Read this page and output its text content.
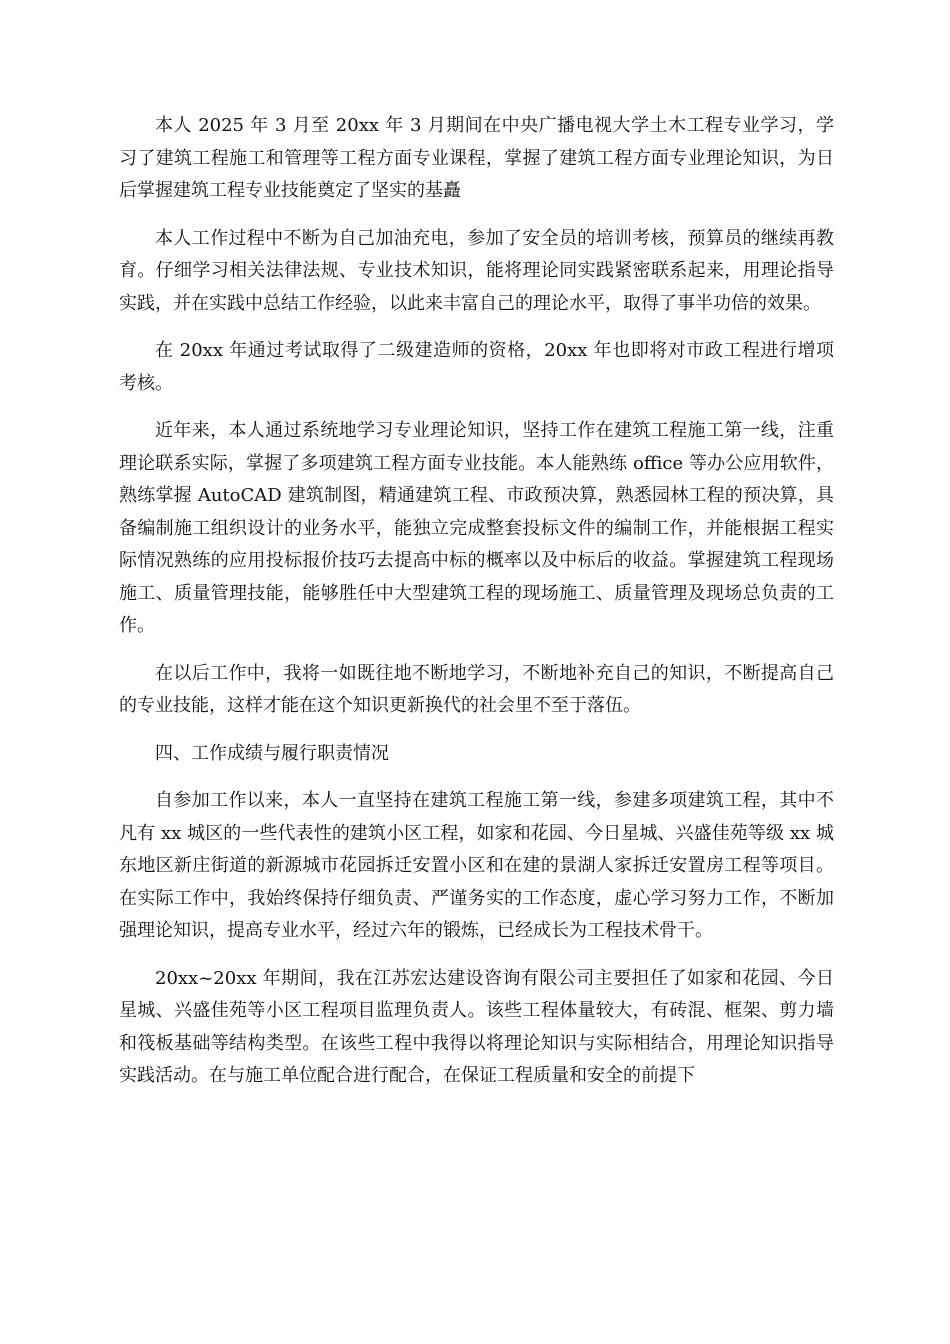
本人 2025 年 3 月至 20xx 年 3 月期间在中央广播电视大学土木工程专业学习，学习了建筑工程施工和管理等工程方面专业课程，掌握了建筑工程方面专业理论知识，为日后掌握建筑工程专业技能奠定了坚实的基矗

本人工作过程中不断为自己加油充电，参加了安全员的培训考核，预算员的继续再教育。仔细学习相关法律法规、专业技术知识，能将理论同实践紧密联系起来，用理论指导实践，并在实践中总结工作经验，以此来丰富自己的理论水平，取得了事半功倍的效果。

在 20xx 年通过考试取得了二级建造师的资格，20xx 年也即将对市政工程进行增项考核。

近年来，本人通过系统地学习专业理论知识，坚持工作在建筑工程施工第一线，注重理论联系实际，掌握了多项建筑工程方面专业技能。本人能熟练 office 等办公应用软件，熟练掌握 AutoCAD 建筑制图，精通建筑工程、市政预决算，熟悉园林工程的预决算，具备编制施工组织设计的业务水平，能独立完成整套投标文件的编制工作，并能根据工程实际情况熟练的应用投标报价技巧去提高中标的概率以及中标后的收益。掌握建筑工程现场施工、质量管理技能，能够胜任中大型建筑工程的现场施工、质量管理及现场总负责的工作。

在以后工作中，我将一如既往地不断地学习，不断地补充自己的知识，不断提高自己的专业技能，这样才能在这个知识更新换代的社会里不至于落伍。

四、工作成绩与履行职责情况

自参加工作以来，本人一直坚持在建筑工程施工第一线，参建多项建筑工程，其中不凡有 xx 城区的一些代表性的建筑小区工程，如家和花园、今日星城、兴盛佳苑等级 xx 城东地区新庄街道的新源城市花园拆迁安置小区和在建的景湖人家拆迁安置房工程等项目。在实际工作中，我始终保持仔细负责、严谨务实的工作态度，虚心学习努力工作，不断加强理论知识，提高专业水平，经过六年的锻炼，已经成长为工程技术骨干。

20xx~20xx 年期间，我在江苏宏达建设咨询有限公司主要担任了如家和花园、今日星城、兴盛佳苑等小区工程项目监理负责人。该些工程体量较大，有砖混、框架、剪力墙和筏板基础等结构类型。在该些工程中我得以将理论知识与实际相结合，用理论知识指导实践活动。在与施工单位配合进行配合，在保证工程质量和安全的前提下
